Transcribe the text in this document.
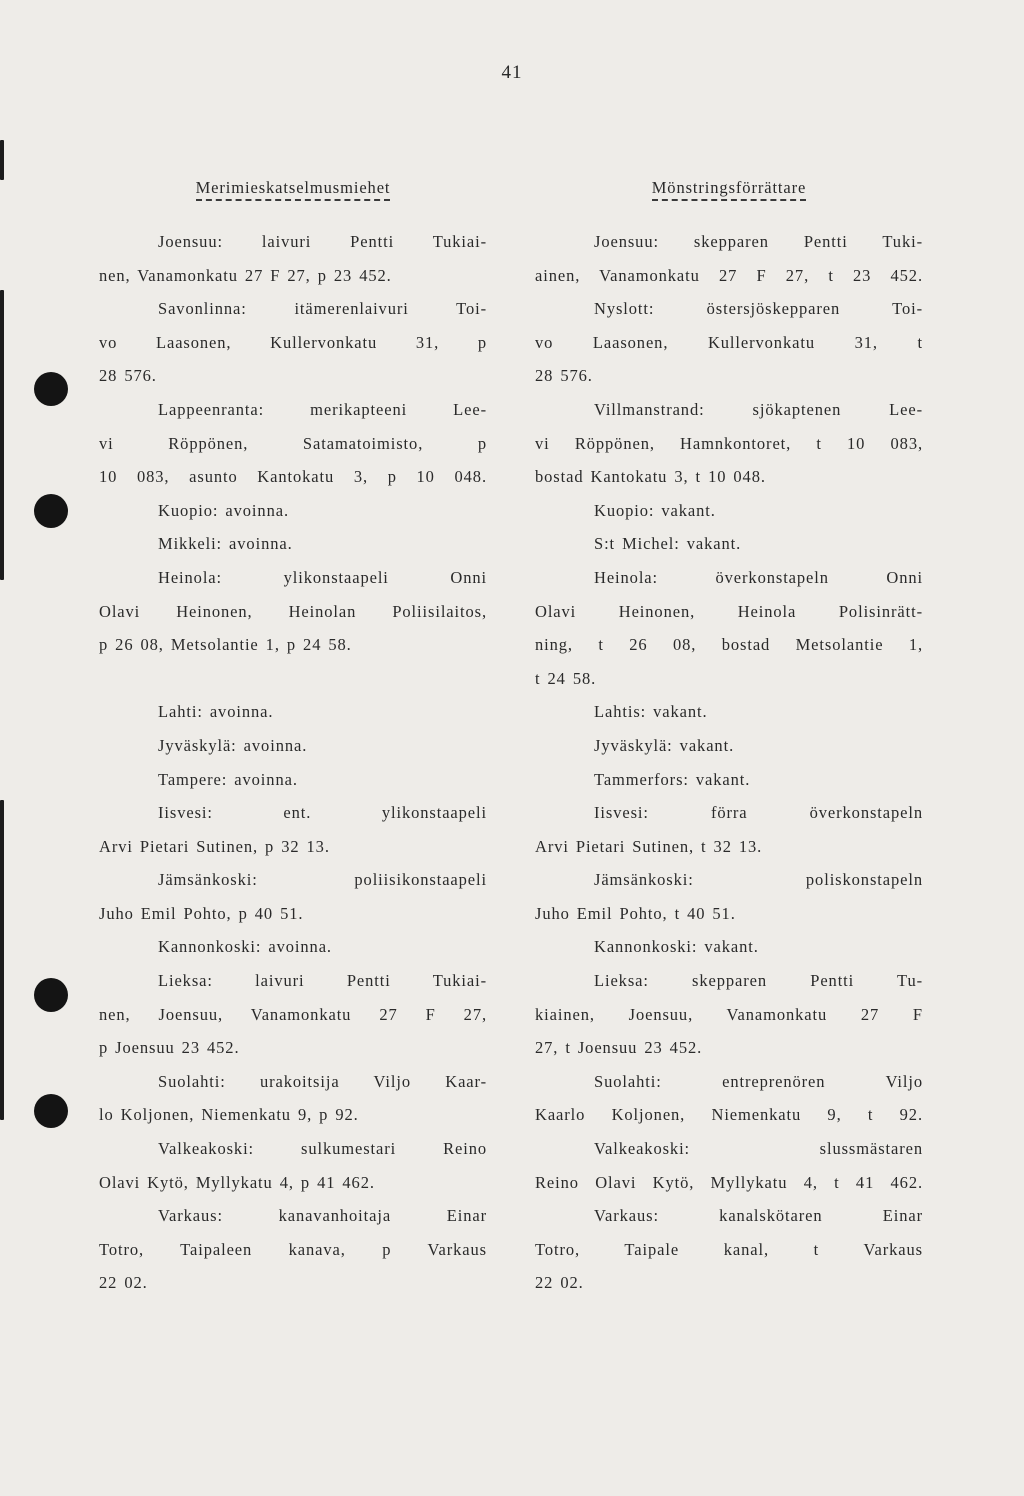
41
Merimieskatselmusmiehet
Joensuu: laivuri Pentti Tukiai-
nen, Vanamonkatu 27 F 27, p 23 452.
Savonlinna: itämerenlaivuri Toi-
vo Laasonen, Kullervonkatu 31, p
28 576.
Lappeenranta: merikapteeni Lee-
vi Röppönen, Satamatoimisto, p
10 083, asunto Kantokatu 3, p 10 048.
Kuopio: avoinna.
Mikkeli: avoinna.
Heinola: ylikonstaapeli Onni
Olavi Heinonen, Heinolan Poliisilaitos,
p 26 08, Metsolantie 1, p 24 58.
Lahti: avoinna.
Jyväskylä: avoinna.
Tampere: avoinna.
Iisvesi: ent. ylikonstaapeli
Arvi Pietari Sutinen, p 32 13.
Jämsänkoski: poliisikonstaapeli
Juho Emil Pohto, p 40 51.
Kannonkoski: avoinna.
Lieksa: laivuri Pentti Tukiai-
nen, Joensuu, Vanamonkatu 27 F 27,
p Joensuu 23 452.
Suolahti: urakoitsija Viljo Kaar-
lo Koljonen, Niemenkatu 9, p 92.
Valkeakoski: sulkumestari Reino
Olavi Kytö, Myllykatu 4, p 41 462.
Varkaus: kanavanhoitaja Einar
Totro, Taipaleen kanava, p Varkaus
22 02.
Mönstringsförrättare
Joensuu: skepparen Pentti Tuki-
ainen, Vanamonkatu 27 F 27, t 23 452.
Nyslott: östersjöskepparen Toi-
vo Laasonen, Kullervonkatu 31, t
28 576.
Villmanstrand: sjökaptenen Lee-
vi Röppönen, Hamnkontoret, t 10 083,
bostad Kantokatu 3, t 10 048.
Kuopio: vakant.
S:t Michel: vakant.
Heinola: överkonstapeln Onni
Olavi Heinonen, Heinola Polisinrätt-
ning, t 26 08, bostad Metsolantie 1,
t 24 58.
Lahtis: vakant.
Jyväskylä: vakant.
Tammerfors: vakant.
Iisvesi: förra överkonstapeln
Arvi Pietari Sutinen, t 32 13.
Jämsänkoski: poliskonstapeln
Juho Emil Pohto, t 40 51.
Kannonkoski: vakant.
Lieksa: skepparen Pentti Tu-
kiainen, Joensuu, Vanamonkatu 27 F
27, t Joensuu 23 452.
Suolahti: entreprenören Viljo
Kaarlo Koljonen, Niemenkatu 9, t 92.
Valkeakoski: slussmästaren
Reino Olavi Kytö, Myllykatu 4, t 41 462.
Varkaus: kanalskötaren Einar
Totro, Taipale kanal, t Varkaus
22 02.
